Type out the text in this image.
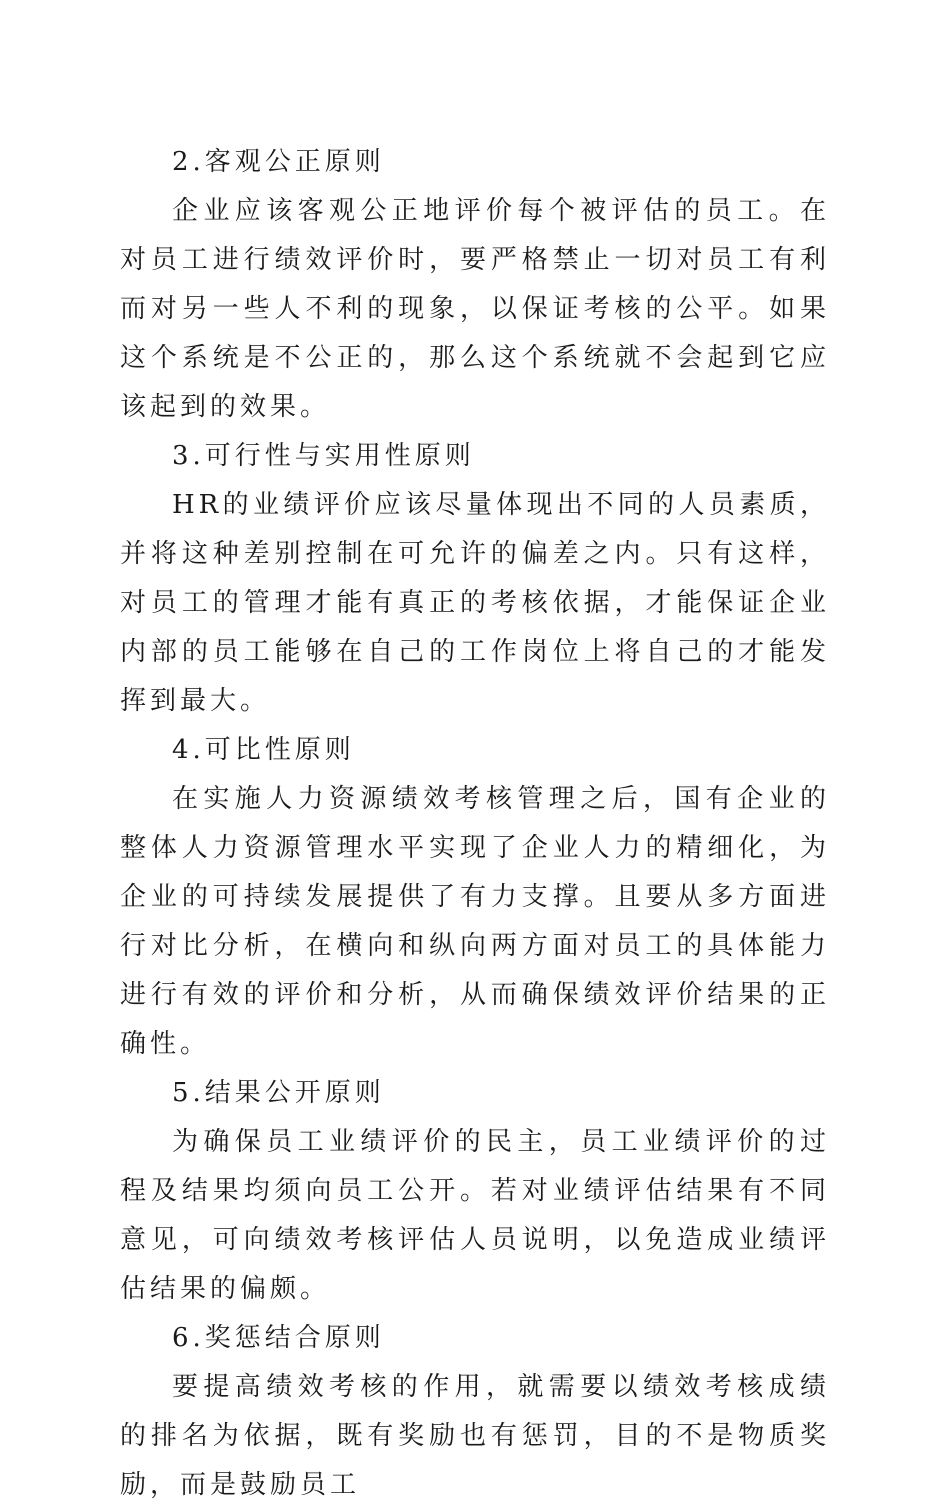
2.客观公正原则

企业应该客观公正地评价每个被评估的员工。在对员工进行绩效评价时，要严格禁止一切对员工有利而对另一些人不利的现象，以保证考核的公平。如果这个系统是不公正的，那么这个系统就不会起到它应该起到的效果。

3.可行性与实用性原则

HR的业绩评价应该尽量体现出不同的人员素质，并将这种差别控制在可允许的偏差之内。只有这样，对员工的管理才能有真正的考核依据，才能保证企业内部的员工能够在自己的工作岗位上将自己的才能发挥到最大。

4.可比性原则

在实施人力资源绩效考核管理之后，国有企业的整体人力资源管理水平实现了企业人力的精细化，为企业的可持续发展提供了有力支撑。且要从多方面进行对比分析，在横向和纵向两方面对员工的具体能力进行有效的评价和分析，从而确保绩效评价结果的正确性。

5.结果公开原则

为确保员工业绩评价的民主，员工业绩评价的过程及结果均须向员工公开。若对业绩评估结果有不同意见，可向绩效考核评估人员说明，以免造成业绩评估结果的偏颇。

6.奖惩结合原则

要提高绩效考核的作用，就需要以绩效考核成绩的排名为依据，既有奖励也有惩罚，目的不是物质奖励，而是鼓励员工
